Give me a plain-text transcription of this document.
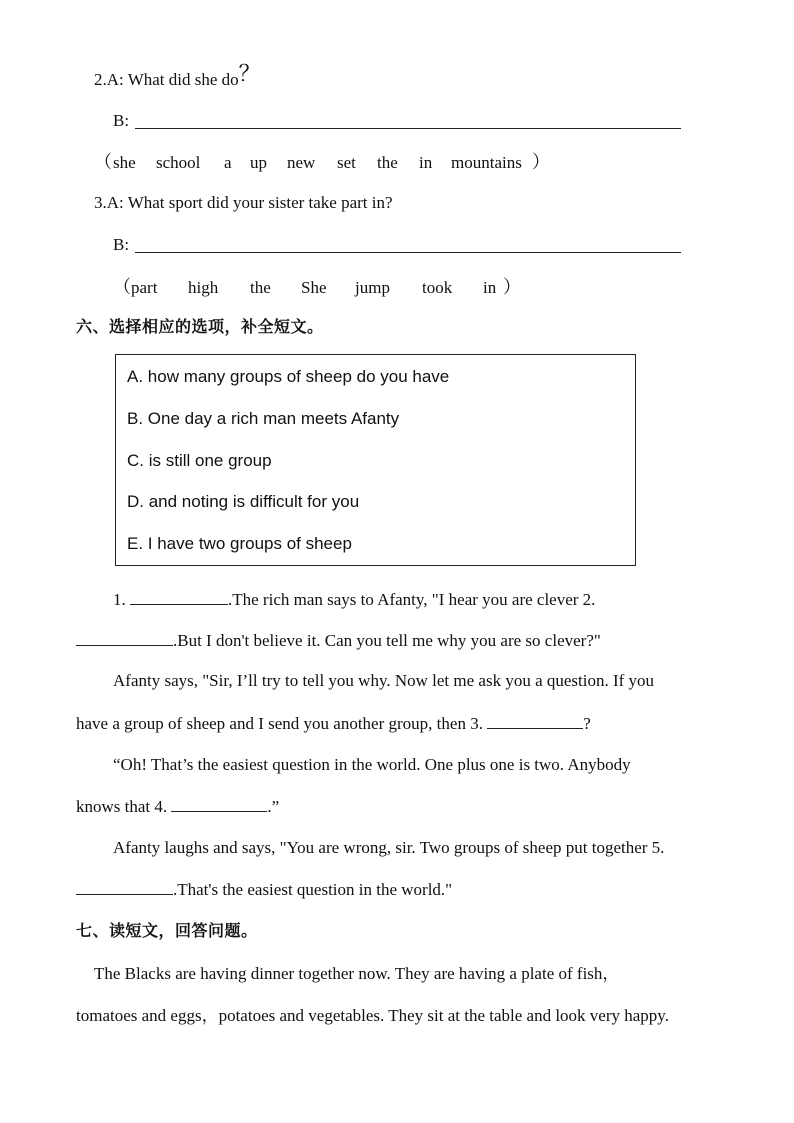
2.A: What did she do？
B:
（ she school a up new set the in mountains ）
3.A: What sport did your sister take part in?
B:
（ part high the She jump took in ）
六、选择相应的选项，补全短文。
A. how many groups of sheep do you have
B. One day a rich man meets Afanty
C. is still one group
D. and noting is difficult for you
E. I have two groups of sheep
1.	.The rich man says to Afanty, "I hear you are clever 2.
.But I don't believe it. Can you tell me why you are so clever?"
Afanty says, "Sir, I’ll try to tell you why. Now let me ask you a question. If you
have a group of sheep and I send you another group, then 3.	?
“Oh! That’s the easiest question in the world. One plus one is two. Anybody
knows that 4.	.”
Afanty laughs and says, "You are wrong, sir. Two groups of sheep put together 5.
.That's the easiest question in the world."
七、读短文，回答问题。
The Blacks are having dinner together now. They are having a plate of fish，
tomatoes and eggs，potatoes and vegetables. They sit at the table and look very happy.
